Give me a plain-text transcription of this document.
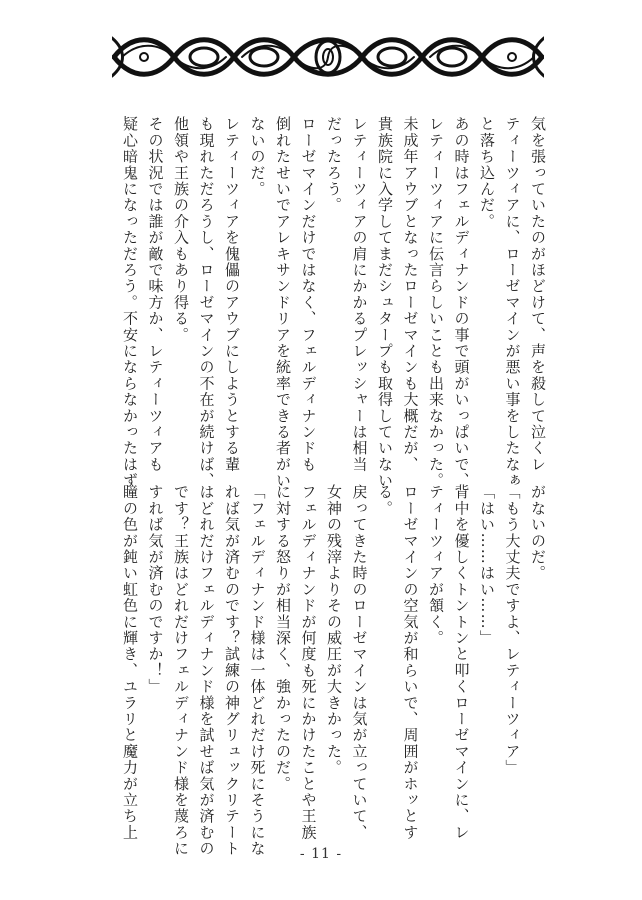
気を張っていたのがほどけて、声を殺して泣くレ

ティーツィアに、ローゼマインが悪い事をしたなぁ

と落ち込んだ。

あの時はフェルディナンドの事で頭がいっぱいで、

レティーツィアに伝言らしいことも出来なかった。

未成年アウブとなったローゼマインも大概だが、

貴族院に入学してまだシュタープも取得していない

レティーツィアの肩にかかるプレッシャーは相当

だったろう。

ローゼマインだけではなく、フェルディナンドも

倒れたせいでアレキサンドリアを統率できる者がい

ないのだ。

レティーツィアを傀儡のアウブにしようとする輩

も現れただろうし、ローゼマインの不在が続けば、

他領や王族の介入もあり得る。

その状況では誰が敵で味方か、レティーツィアも

疑心暗鬼になっただろう。不安にならなかったはず

がないのだ。

「もう大丈夫ですよ、レティーツィア」

「はい……はい……」

背中を優しくトントンと叩くローゼマインに、レ

ティーツィアが頷く。

ローゼマインの空気が和らいで、周囲がホッとす

る。

戻ってきた時のローゼマインは気が立っていて、

女神の残滓よりその威圧が大きかった。

フェルディナンドが何度も死にかけたことや王族

に対する怒りが相当深く、強かったのだ。

「フェルディナンド様は一体どれだけ死にそうにな

れば気が済むのです？試練の神グリュックリテート

はどれだけフェルディナンド様を試せば気が済むの

です？王族はどれだけフェルディナンド様を蔑ろに

すれば気が済むのですか！」

瞳の色が鈍い虹色に輝き、ユラリと魔力が立ち上

- 11 -
